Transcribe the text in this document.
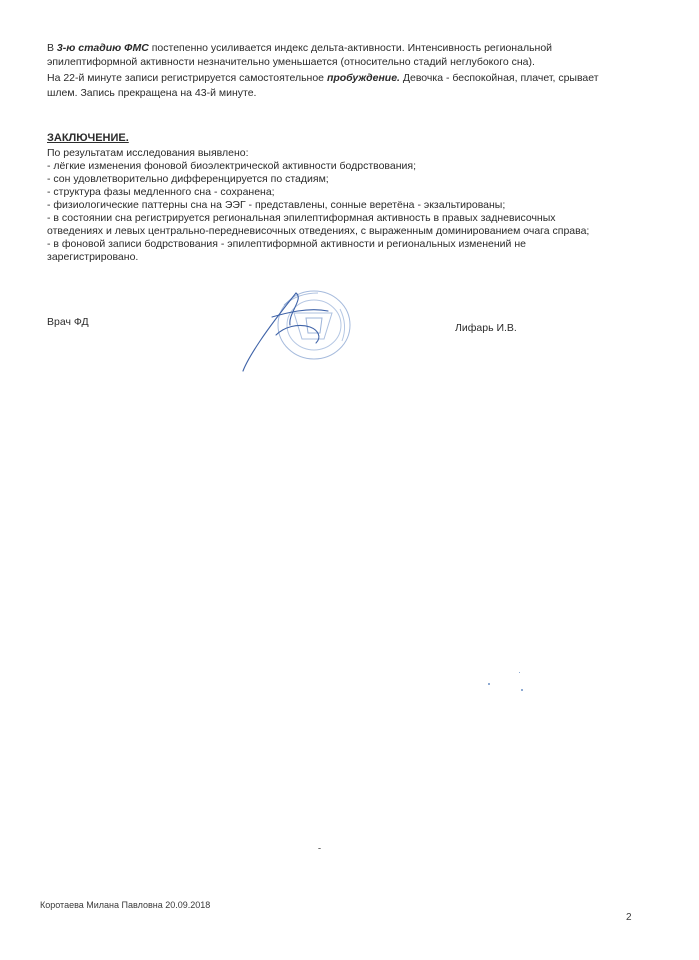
В 3-ю стадию ФМС постепенно усиливается индекс дельта-активности. Интенсивность региональной

эпилептиформной активности незначительно уменьшается (относительно стадий неглубокого сна).

На 22-й минуте записи регистрируется самостоятельное пробуждение. Девочка - беспокойная, плачет, срывает

шлем. Запись прекращена на 43-й минуте.

ЗАКЛЮЧЕНИЕ.

По результатам исследования выявлено:
- лёгкие изменения фоновой биоэлектрической активности бодрствования;
- сон удовлетворительно дифференцируется по стадиям;
- структура фазы медленного сна - сохранена;
- физиологические паттерны сна на ЭЭГ - представлены, сонные веретёна - экзальтированы;
- в состоянии сна регистрируется региональная эпилептиформная активность в правых задневисочных
отведениях и левых центрально-передневисочных отведениях, с выраженным доминированием очага справа;
- в фоновой записи бодрствования - эпилептиформной активности и региональных изменений не
зарегистрировано.
Врач ФД	Лифарь И.В.
Коротаева Милана Павловна 20.09.2018
2
